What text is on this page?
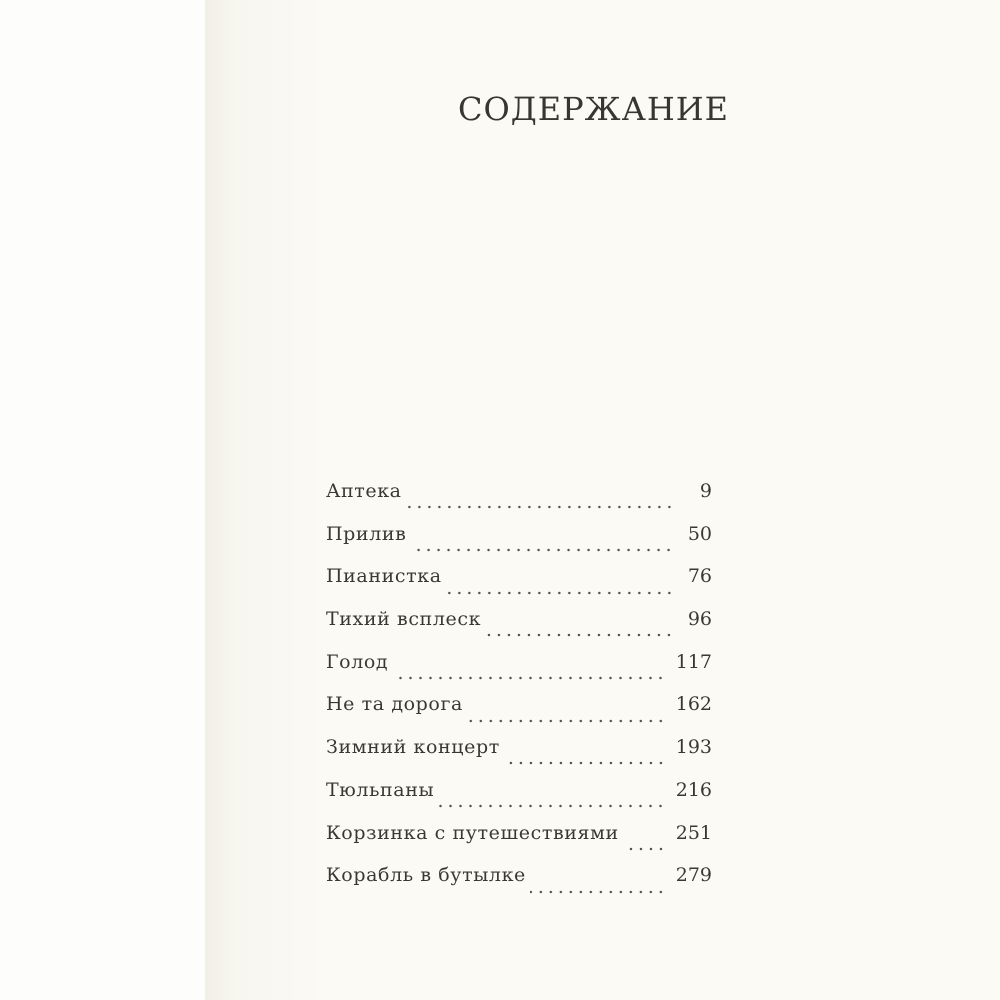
СОДЕРЖАНИЕ
Аптека	9
Прилив	50
Пианистка	76
Тихий всплеск	96
Голод	117
Не та дорога	162
Зимний концерт	193
Тюльпаны	216
Корзинка с путешествиями	251
Корабль в бутылке	279
